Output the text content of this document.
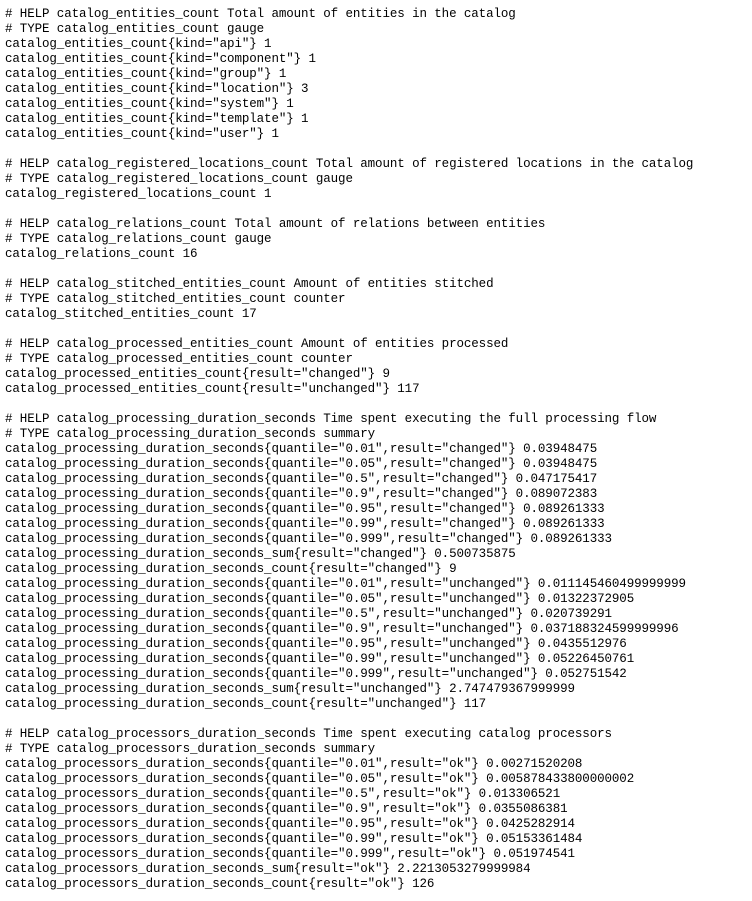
# HELP catalog_entities_count Total amount of entities in the catalog
# TYPE catalog_entities_count gauge
catalog_entities_count{kind="api"} 1
catalog_entities_count{kind="component"} 1
catalog_entities_count{kind="group"} 1
catalog_entities_count{kind="location"} 3
catalog_entities_count{kind="system"} 1
catalog_entities_count{kind="template"} 1
catalog_entities_count{kind="user"} 1
# HELP catalog_registered_locations_count Total amount of registered locations in the catalog
# TYPE catalog_registered_locations_count gauge
catalog_registered_locations_count 1
# HELP catalog_relations_count Total amount of relations between entities
# TYPE catalog_relations_count gauge
catalog_relations_count 16
# HELP catalog_stitched_entities_count Amount of entities stitched
# TYPE catalog_stitched_entities_count counter
catalog_stitched_entities_count 17
# HELP catalog_processed_entities_count Amount of entities processed
# TYPE catalog_processed_entities_count counter
catalog_processed_entities_count{result="changed"} 9
catalog_processed_entities_count{result="unchanged"} 117
# HELP catalog_processing_duration_seconds Time spent executing the full processing flow
# TYPE catalog_processing_duration_seconds summary
catalog_processing_duration_seconds{quantile="0.01",result="changed"} 0.03948475
catalog_processing_duration_seconds{quantile="0.05",result="changed"} 0.03948475
catalog_processing_duration_seconds{quantile="0.5",result="changed"} 0.047175417
catalog_processing_duration_seconds{quantile="0.9",result="changed"} 0.089072383
catalog_processing_duration_seconds{quantile="0.95",result="changed"} 0.089261333
catalog_processing_duration_seconds{quantile="0.99",result="changed"} 0.089261333
catalog_processing_duration_seconds{quantile="0.999",result="changed"} 0.089261333
catalog_processing_duration_seconds_sum{result="changed"} 0.500735875
catalog_processing_duration_seconds_count{result="changed"} 9
catalog_processing_duration_seconds{quantile="0.01",result="unchanged"} 0.011145460499999999
catalog_processing_duration_seconds{quantile="0.05",result="unchanged"} 0.01322372905
catalog_processing_duration_seconds{quantile="0.5",result="unchanged"} 0.020739291
catalog_processing_duration_seconds{quantile="0.9",result="unchanged"} 0.037188324599999996
catalog_processing_duration_seconds{quantile="0.95",result="unchanged"} 0.0435512976
catalog_processing_duration_seconds{quantile="0.99",result="unchanged"} 0.05226450761
catalog_processing_duration_seconds{quantile="0.999",result="unchanged"} 0.052751542
catalog_processing_duration_seconds_sum{result="unchanged"} 2.747479367999999
catalog_processing_duration_seconds_count{result="unchanged"} 117
# HELP catalog_processors_duration_seconds Time spent executing catalog processors
# TYPE catalog_processors_duration_seconds summary
catalog_processors_duration_seconds{quantile="0.01",result="ok"} 0.00271520208
catalog_processors_duration_seconds{quantile="0.05",result="ok"} 0.005878433800000002
catalog_processors_duration_seconds{quantile="0.5",result="ok"} 0.013306521
catalog_processors_duration_seconds{quantile="0.9",result="ok"} 0.0355086381
catalog_processors_duration_seconds{quantile="0.95",result="ok"} 0.0425282914
catalog_processors_duration_seconds{quantile="0.99",result="ok"} 0.05153361484
catalog_processors_duration_seconds{quantile="0.999",result="ok"} 0.051974541
catalog_processors_duration_seconds_sum{result="ok"} 2.2213053279999984
catalog_processors_duration_seconds_count{result="ok"} 126
